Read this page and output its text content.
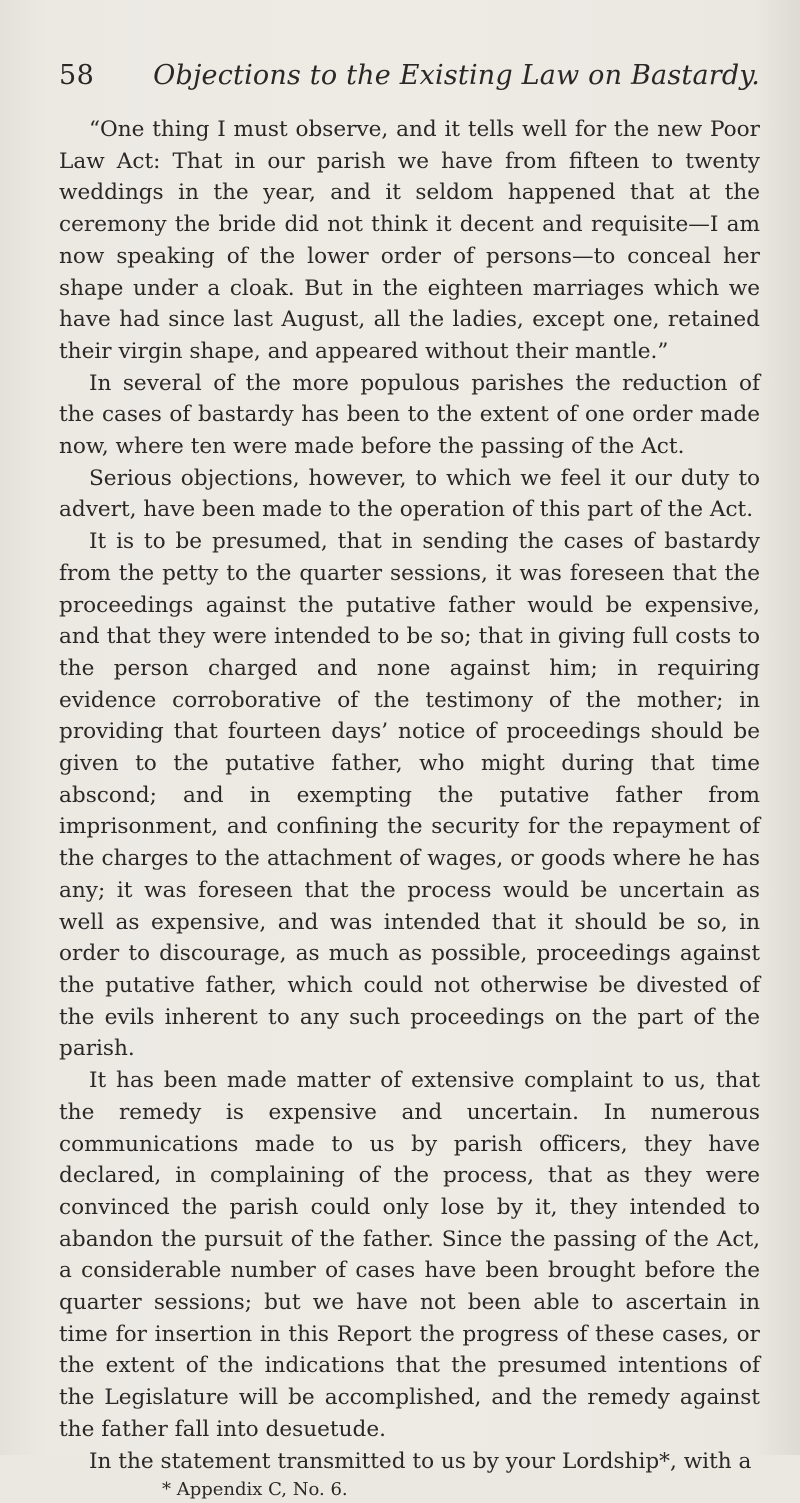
58	Objections to the Existing Law on Bastardy.

“One thing I must observe, and it tells well for the new Poor Law Act: That in our parish we have from fifteen to twenty weddings in the year, and it seldom happened that at the ceremony the bride did not think it decent and requisite—I am now speaking of the lower order of persons—to conceal her shape under a cloak. But in the eighteen marriages which we have had since last August, all the ladies, except one, retained their virgin shape, and appeared without their mantle.”

In several of the more populous parishes the reduction of the cases of bastardy has been to the extent of one order made now, where ten were made before the passing of the Act.

Serious objections, however, to which we feel it our duty to advert, have been made to the operation of this part of the Act.

It is to be presumed, that in sending the cases of bastardy from the petty to the quarter sessions, it was foreseen that the proceedings against the putative father would be expensive, and that they were intended to be so; that in giving full costs to the person charged and none against him; in requiring evidence corroborative of the testimony of the mother; in providing that fourteen days’ notice of proceedings should be given to the putative father, who might during that time abscond; and in exempting the putative father from imprisonment, and confining the security for the repayment of the charges to the attachment of wages, or goods where he has any; it was foreseen that the process would be uncertain as well as expensive, and was intended that it should be so, in order to discourage, as much as possible, proceedings against the putative father, which could not otherwise be divested of the evils inherent to any such proceedings on the part of the parish.

It has been made matter of extensive complaint to us, that the remedy is expensive and uncertain. In numerous communications made to us by parish officers, they have declared, in complaining of the process, that as they were convinced the parish could only lose by it, they intended to abandon the pursuit of the father. Since the passing of the Act, a considerable number of cases have been brought before the quarter sessions; but we have not been able to ascertain in time for insertion in this Report the progress of these cases, or the extent of the indications that the presumed intentions of the Legislature will be accomplished, and the remedy against the father fall into desuetude.

In the statement transmitted to us by your Lordship*, with a

* Appendix C, No. 6.
